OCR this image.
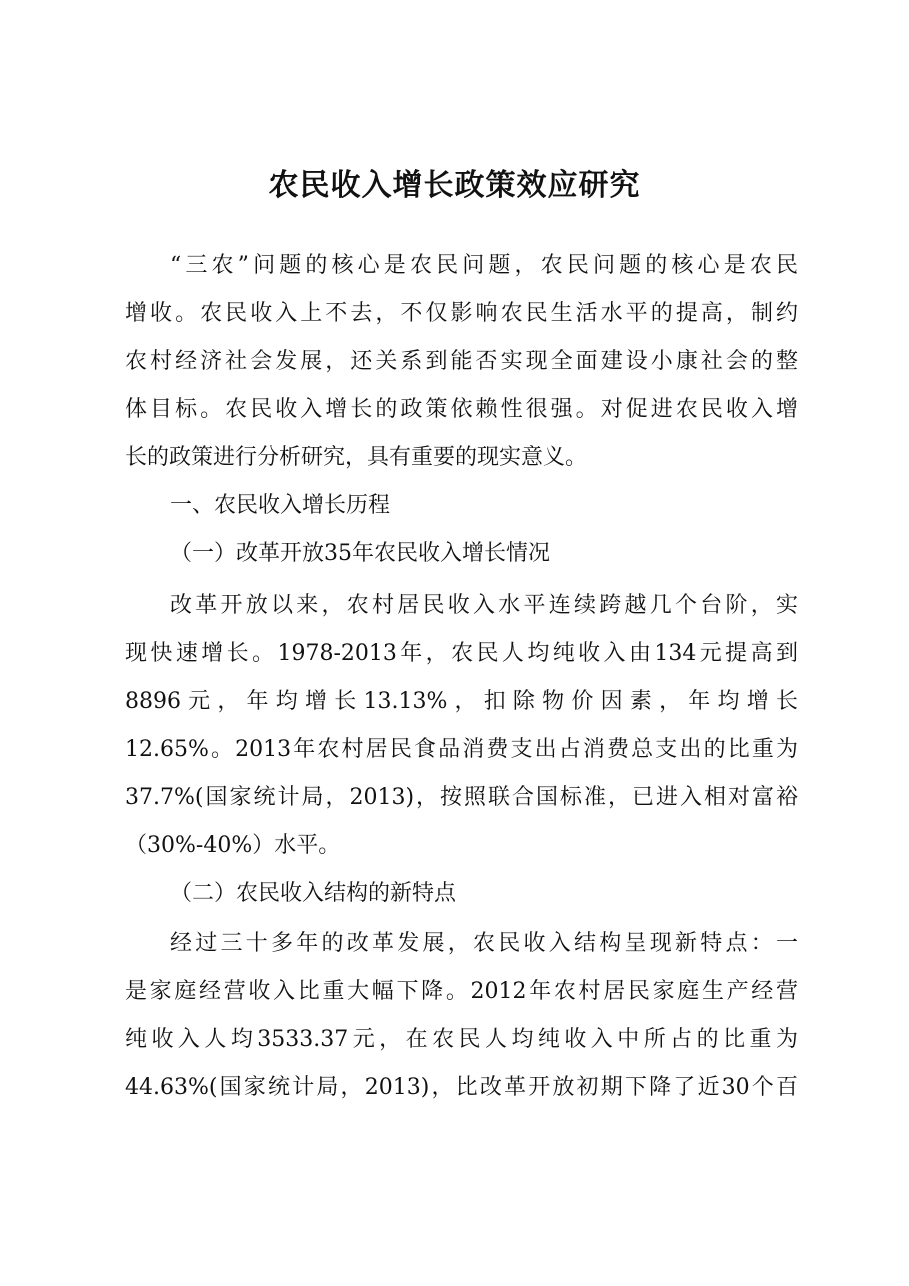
农民收入增长政策效应研究

“三农”问题的核心是农民问题，农民问题的核心是农民

增收。农民收入上不去，不仅影响农民生活水平的提高，制约

农村经济社会发展，还关系到能否实现全面建设小康社会的整

体目标。农民收入增长的政策依赖性很强。对促进农民收入增

长的政策进行分析研究，具有重要的现实意义。

一、农民收入增长历程

（一）改革开放35年农民收入增长情况

改革开放以来，农村居民收入水平连续跨越几个台阶，实

现快速增长。1978-2013年，农民人均纯收入由134元提高到

8896 元 ， 年 均 增 长 13.13% ， 扣 除 物 价 因 素 ， 年 均 增 长

12.65%。2013年农村居民食品消费支出占消费总支出的比重为

37.7%(国家统计局，2013)，按照联合国标准，已进入相对富裕

（30%-40%）水平。

（二）农民收入结构的新特点

经过三十多年的改革发展，农民收入结构呈现新特点：一

是家庭经营收入比重大幅下降。2012年农村居民家庭生产经营

纯收入人均3533.37元，在农民人均纯收入中所占的比重为

44.63%(国家统计局，2013)，比改革开放初期下降了近30个百
